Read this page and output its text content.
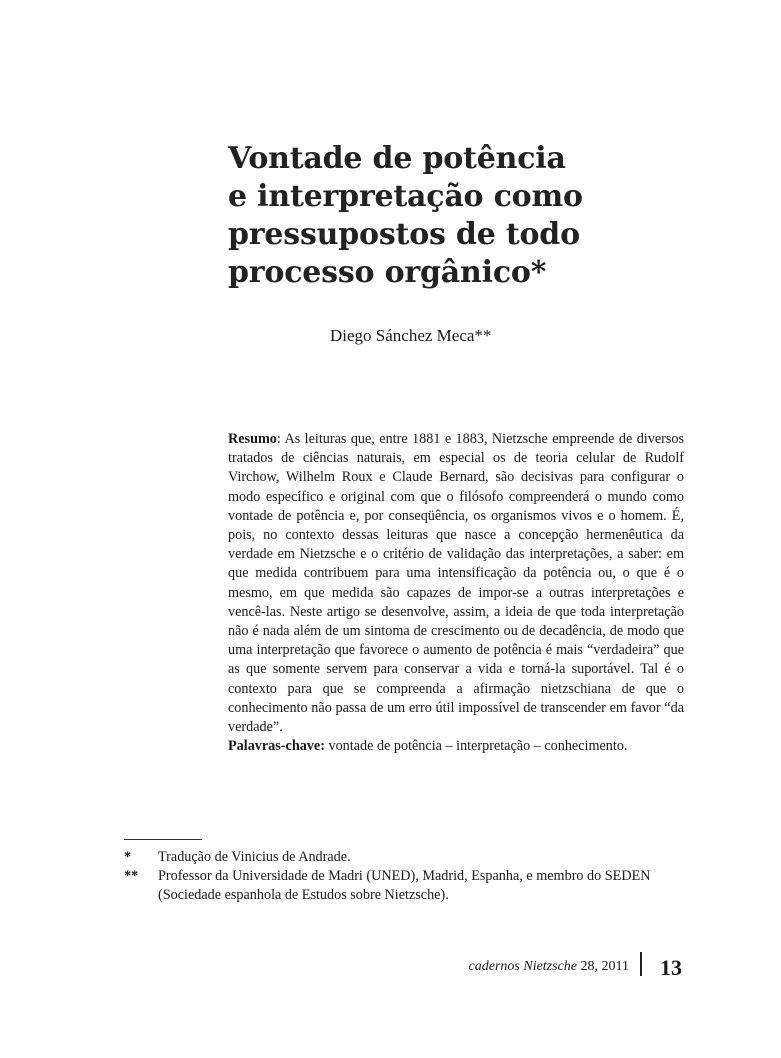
Vontade de potência
e interpretação como
pressupostos de todo
processo orgânico*
Diego Sánchez Meca**

Resumo: As leituras que, entre 1881 e 1883, Nietzsche empreende de diversos tratados de ciências naturais, em especial os de teoria celular de Rudolf Virchow, Wilhelm Roux e Claude Bernard, são decisivas para configurar o modo específico e original com que o filósofo compreenderá o mundo como vontade de potência e, por conseqüência, os organismos vivos e o homem. É, pois, no contexto dessas leituras que nasce a concepção hermenêutica da verdade em Nietzsche e o critério de validação das interpretações, a saber: em que medida contribuem para uma intensificação da potência ou, o que é o mesmo, em que medida são capazes de impor-se a outras interpretações e vencê-las. Neste artigo se desenvolve, assim, a ideia de que toda interpretação não é nada além de um sintoma de crescimento ou de decadência, de modo que uma interpretação que favorece o aumento de potência é mais “verdadeira” que as que somente servem para conservar a vida e torná-la suportável. Tal é o contexto para que se compreenda a afirmação nietzschiana de que o conhecimento não passa de um erro útil impossível de transcender em favor “da verdade”.

Palavras-chave: vontade de potência – interpretação – conhecimento.

* Tradução de Vinicius de Andrade.
** Professor da Universidade de Madri (UNED), Madrid, Espanha, e membro do SEDEN (Sociedade espanhola de Estudos sobre Nietzsche).
cadernos Nietzsche 28, 2011 13
